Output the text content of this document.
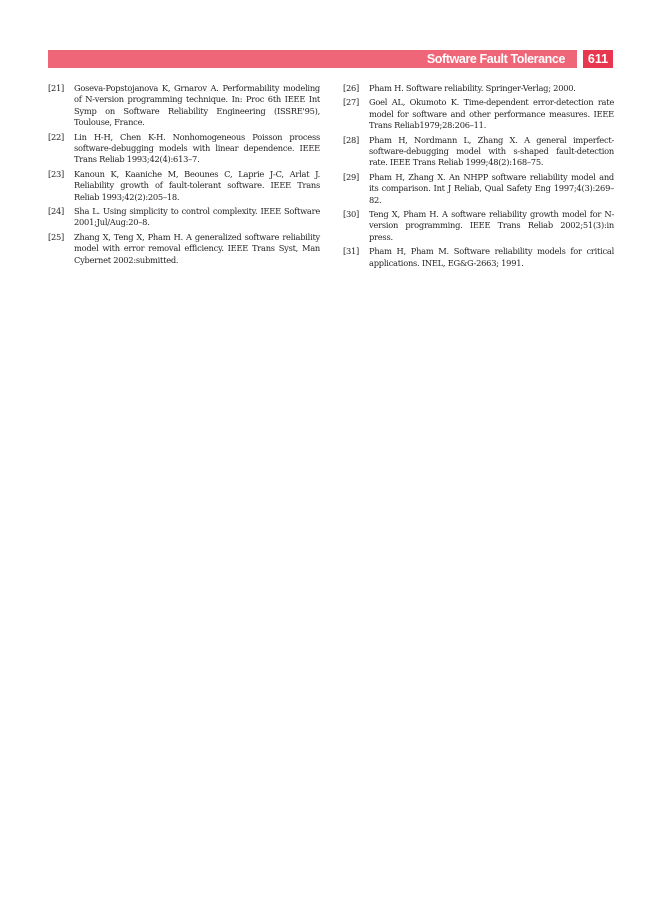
Software Fault Tolerance	611
[21]	Goseva-Popstojanova K, Grnarov A. Performability modeling of N-version programming technique. In: Proc 6th IEEE Int Symp on Software Reliability Engineering (ISSRE'95), Toulouse, France.
[22]	Lin H-H, Chen K-H. Nonhomogeneous Poisson process software-debugging models with linear dependence. IEEE Trans Reliab 1993;42(4):613–7.
[23]	Kanoun K, Kaaniche M, Beounes C, Laprie J-C, Arlat J. Reliability growth of fault-tolerant software. IEEE Trans Reliab 1993;42(2):205–18.
[24]	Sha L. Using simplicity to control complexity. IEEE Software 2001;Jul/Aug:20–8.
[25]	Zhang X, Teng X, Pham H. A generalized software reliability model with error removal efficiency. IEEE Trans Syst, Man Cybernet 2002:submitted.
[26]	Pham H. Software reliability. Springer-Verlag; 2000.
[27]	Goel AL, Okumoto K. Time-dependent error-detection rate model for software and other performance measures. IEEE Trans Reliab1979;28:206–11.
[28]	Pham H, Nordmann L, Zhang X. A general imperfect-software-debugging model with s-shaped fault-detection rate. IEEE Trans Reliab 1999;48(2):168–75.
[29]	Pham H, Zhang X. An NHPP software reliability model and its comparison. Int J Reliab, Qual Safety Eng 1997;4(3):269–82.
[30]	Teng X, Pham H. A software reliability growth model for N-version programming. IEEE Trans Reliab 2002;51(3):in press.
[31]	Pham H, Pham M. Software reliability models for critical applications. INEL, EG&G-2663; 1991.
